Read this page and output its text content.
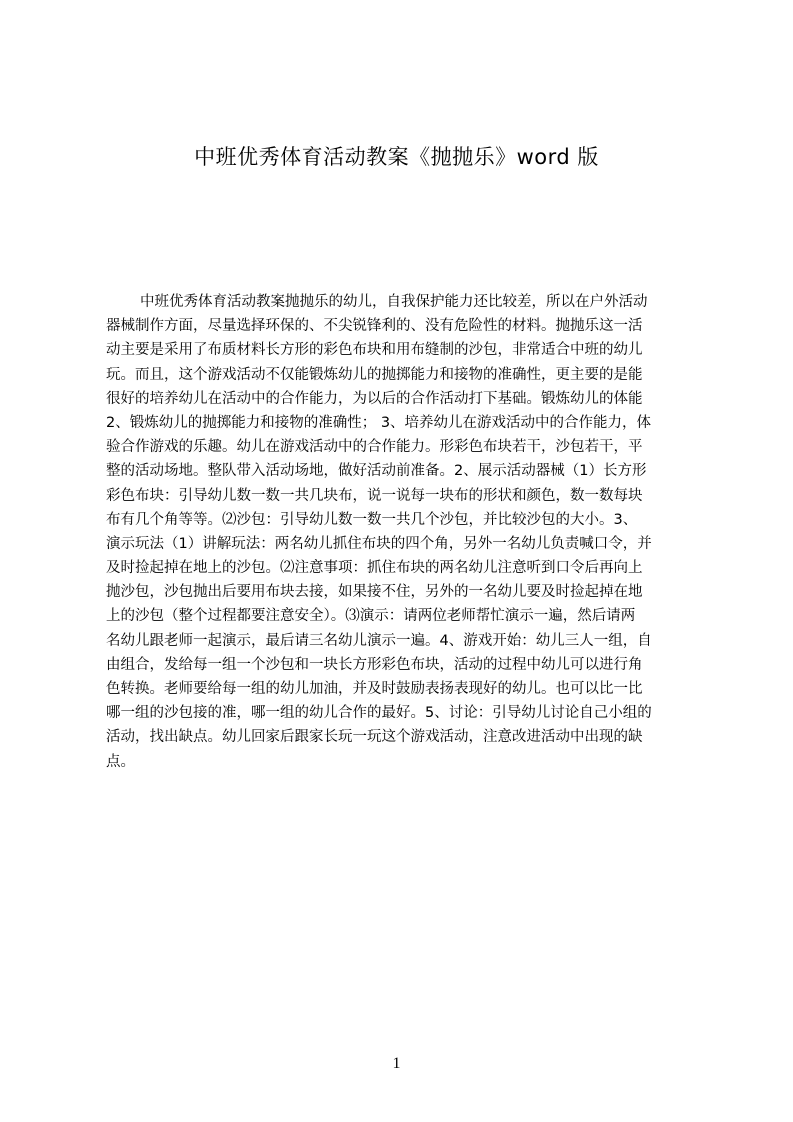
中班优秀体育活动教案《抛抛乐》word 版
中班优秀体育活动教案抛抛乐的幼儿，自我保护能力还比较差，所以在户外活动
器械制作方面，尽量选择环保的、不尖锐锋利的、没有危险性的材料。抛抛乐这一活
动主要是采用了布质材料长方形的彩色布块和用布缝制的沙包，非常适合中班的幼儿
玩。而且，这个游戏活动不仅能锻炼幼儿的抛掷能力和接物的准确性，更主要的是能
很好的培养幼儿在活动中的合作能力，为以后的合作活动打下基础。锻炼幼儿的体能
2、锻炼幼儿的抛掷能力和接物的准确性； 3、培养幼儿在游戏活动中的合作能力，体
验合作游戏的乐趣。幼儿在游戏活动中的合作能力。形彩色布块若干，沙包若干，平
整的活动场地。整队带入活动场地，做好活动前准备。2、展示活动器械（1）长方形
彩色布块：引导幼儿数一数一共几块布，说一说每一块布的形状和颜色，数一数每块
布有几个角等等。⑵沙包：引导幼儿数一数一共几个沙包，并比较沙包的大小。3、
演示玩法（1）讲解玩法：两名幼儿抓住布块的四个角，另外一名幼儿负责喊口令，并
及时捡起掉在地上的沙包。⑵注意事项：抓住布块的两名幼儿注意听到口令后再向上
抛沙包，沙包抛出后要用布块去接，如果接不住，另外的一名幼儿要及时捡起掉在地
上的沙包（整个过程都要注意安全）。⑶演示：请两位老师帮忙演示一遍，然后请两
名幼儿跟老师一起演示，最后请三名幼儿演示一遍。4、游戏开始：幼儿三人一组，自
由组合，发给每一组一个沙包和一块长方形彩色布块，活动的过程中幼儿可以进行角
色转换。老师要给每一组的幼儿加油，并及时鼓励表扬表现好的幼儿。也可以比一比
哪一组的沙包接的准，哪一组的幼儿合作的最好。5、讨论：引导幼儿讨论自己小组的
活动，找出缺点。幼儿回家后跟家长玩一玩这个游戏活动，注意改进活动中出现的缺
点。
1
